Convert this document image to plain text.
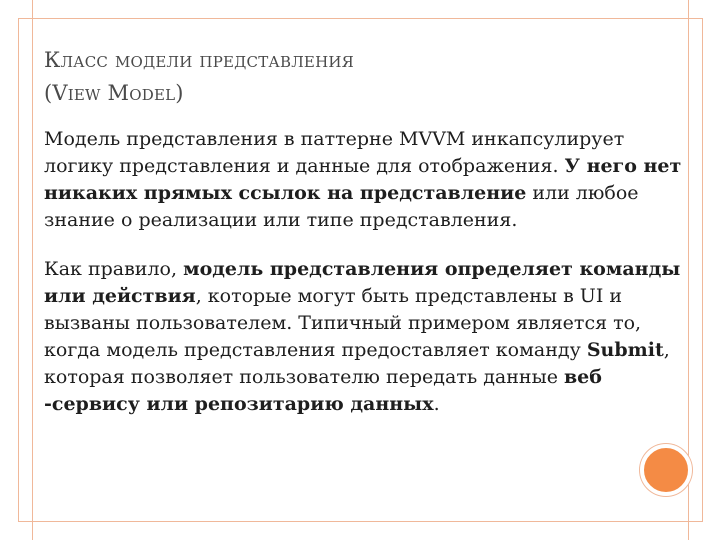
Класс модели представления
(View Model)

Модель представления в паттерне MVVM инкапсулирует логику представления и данные для отображения. У него нет никаких прямых ссылок на представление или любое знание о реализации или типе представления.

Как правило, модель представления определяет команды или действия, которые могут быть представлены в UI и вызваны пользователем. Типичный примером является то, когда модель представления предоставляет команду Submit, которая позволяет пользователю передать данные веб -сервису или репозитарию данных.
